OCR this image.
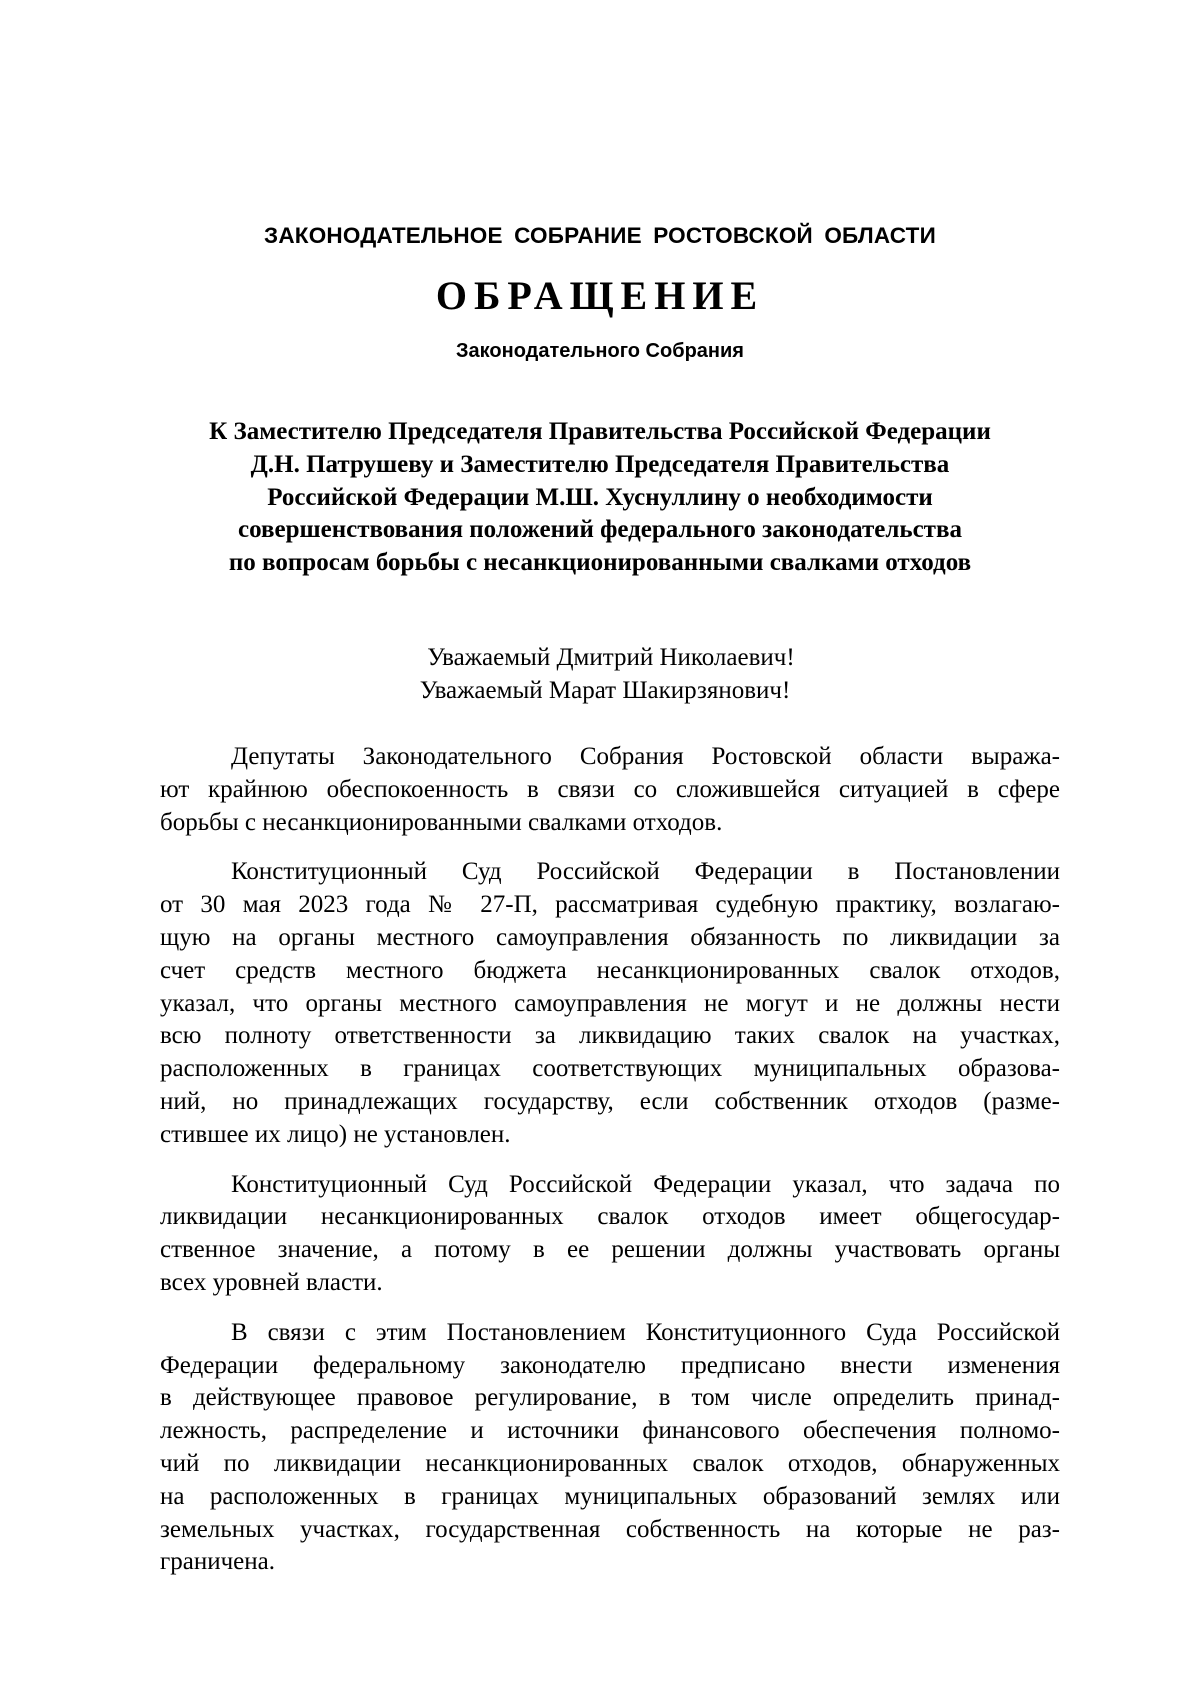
ЗАКОНОДАТЕЛЬНОЕ СОБРАНИЕ РОСТОВСКОЙ ОБЛАСТИ
ОБРАЩЕНИЕ
Законодательного Собрания
К Заместителю Председателя Правительства Российской Федерации
Д.Н. Патрушеву и Заместителю Председателя Правительства
Российской Федерации М.Ш. Хуснуллину о необходимости
совершенствования положений федерального законодательства
по вопросам борьбы с несанкционированными свалками отходов
Уважаемый Дмитрий Николаевич!
Уважаемый Марат Шакирзянович!
Депутаты Законодательного Собрания Ростовской области выража-
ют крайнюю обеспокоенность в связи со сложившейся ситуацией в сфере
борьбы с несанкционированными свалками отходов.
Конституционный Суд Российской Федерации в Постановлении
от 30 мая 2023 года № 27-П, рассматривая судебную практику, возлагаю-
щую на органы местного самоуправления обязанность по ликвидации за
счет средств местного бюджета несанкционированных свалок отходов,
указал, что органы местного самоуправления не могут и не должны нести
всю полноту ответственности за ликвидацию таких свалок на участках,
расположенных в границах соответствующих муниципальных образова-
ний, но принадлежащих государству, если собственник отходов (разме-
стившее их лицо) не установлен.
Конституционный Суд Российской Федерации указал, что задача по
ликвидации несанкционированных свалок отходов имеет общегосудар-
ственное значение, а потому в ее решении должны участвовать органы
всех уровней власти.
В связи с этим Постановлением Конституционного Суда Российской
Федерации федеральному законодателю предписано внести изменения
в действующее правовое регулирование, в том числе определить принад-
лежность, распределение и источники финансового обеспечения полномо-
чий по ликвидации несанкционированных свалок отходов, обнаруженных
на расположенных в границах муниципальных образований землях или
земельных участках, государственная собственность на которые не раз-
граничена.
